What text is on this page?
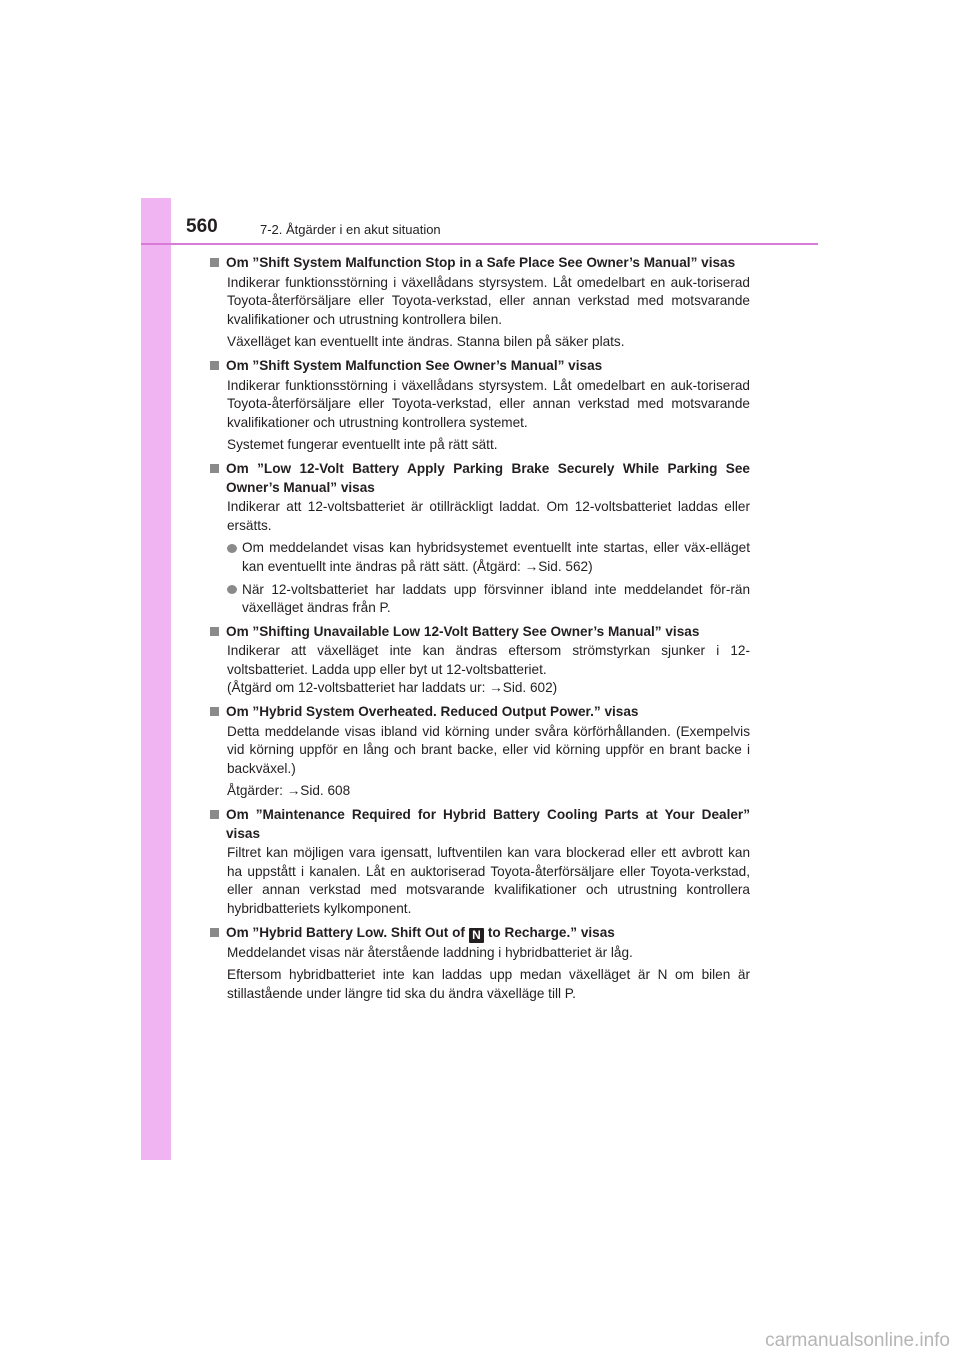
560	7-2. Åtgärder i en akut situation
Om ”Shift System Malfunction Stop in a Safe Place See Owner’s Manual” visas
Indikerar funktionsstörning i växellådans styrsystem. Låt omedelbart en auk-toriserad Toyota-återförsäljare eller Toyota-verkstad, eller annan verkstad med motsvarande kvalifikationer och utrustning kontrollera bilen.
Växelläget kan eventuellt inte ändras. Stanna bilen på säker plats.
Om ”Shift System Malfunction See Owner’s Manual” visas
Indikerar funktionsstörning i växellådans styrsystem. Låt omedelbart en auk-toriserad Toyota-återförsäljare eller Toyota-verkstad, eller annan verkstad med motsvarande kvalifikationer och utrustning kontrollera systemet.
Systemet fungerar eventuellt inte på rätt sätt.
Om ”Low 12-Volt Battery Apply Parking Brake Securely While Parking See Owner’s Manual” visas
Indikerar att 12-voltsbatteriet är otillräckligt laddat. Om 12-voltsbatteriet laddas eller ersätts.
Om meddelandet visas kan hybridsystemet eventuellt inte startas, eller väx-elläget kan eventuellt inte ändras på rätt sätt. (Åtgärd: →Sid. 562)
När 12-voltsbatteriet har laddats upp försvinner ibland inte meddelandet för-rän växelläget ändras från P.
Om ”Shifting Unavailable Low 12-Volt Battery See Owner’s Manual” visas
Indikerar att växelläget inte kan ändras eftersom strömstyrkan sjunker i 12-voltsbatteriet. Ladda upp eller byt ut 12-voltsbatteriet.
(Åtgärd om 12-voltsbatteriet har laddats ur: →Sid. 602)
Om ”Hybrid System Overheated. Reduced Output Power.” visas
Detta meddelande visas ibland vid körning under svåra körförhållanden. (Exempelvis vid körning uppför en lång och brant backe, eller vid körning uppför en brant backe i backväxel.)
Åtgärder: →Sid. 608
Om ”Maintenance Required for Hybrid Battery Cooling Parts at Your Dealer” visas
Filtret kan möjligen vara igensatt, luftventilen kan vara blockerad eller ett avbrott kan ha uppstått i kanalen. Låt en auktoriserad Toyota-återförsäljare eller Toyota-verkstad, eller annan verkstad med motsvarande kvalifikationer och utrustning kontrollera hybridbatteriets kylkomponent.
Om ”Hybrid Battery Low. Shift Out of N to Recharge.” visas
Meddelandet visas när återstående laddning i hybridbatteriet är låg.
Eftersom hybridbatteriet inte kan laddas upp medan växelläget är N om bilen är stillastående under längre tid ska du ändra växelläge till P.
carmanualsonline.info
